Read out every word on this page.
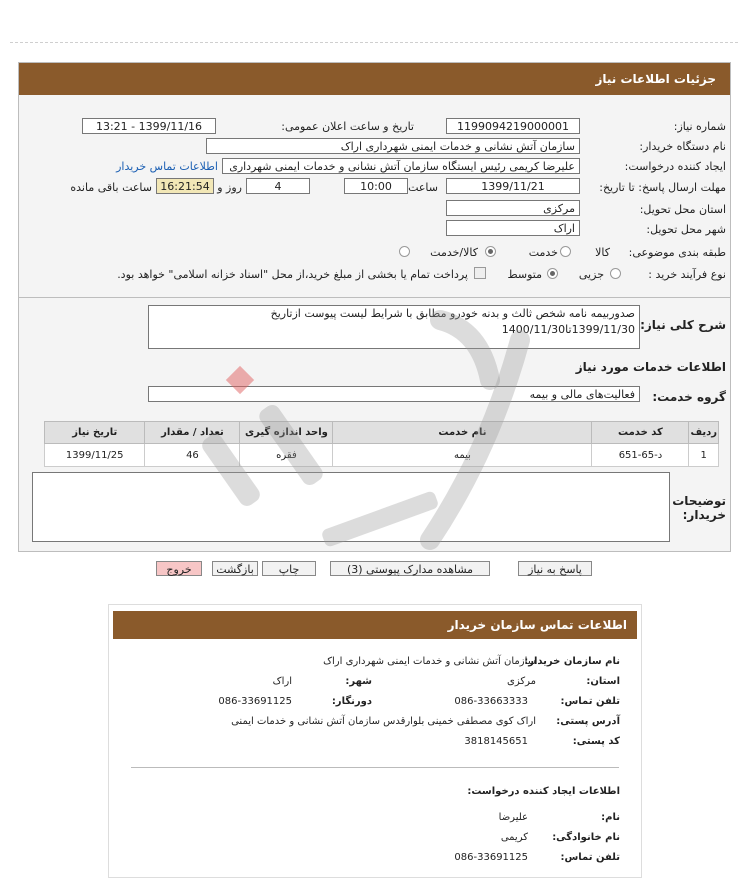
جزئیات اطلاعات نیاز
شماره نیاز:
1199094219000001
تاریخ و ساعت اعلان عمومی:
1399/11/16 - 13:21
نام دستگاه خریدار:
سازمان آتش نشانی و خدمات ایمنی شهرداری اراک
ایجاد کننده درخواست:
علیرضا کریمی رئیس ایستگاه سازمان آتش نشانی و خدمات ایمنی شهرداری
اطلاعات تماس خریدار
مهلت ارسال پاسخ: تا تاریخ:
1399/11/21
ساعت
10:00
4
روز و
16:21:54
ساعت باقی مانده
استان محل تحویل:
مرکزی
شهر محل تحویل:
اراک
طبقه بندی موضوعی:
کالا
خدمت
کالا/خدمت
نوع فرآیند خرید :
جزیی
متوسط
پرداخت تمام یا بخشی از مبلغ خرید،از محل "اسناد خزانه اسلامی" خواهد بود.
شرح کلی نیاز:
صدوربیمه نامه شخص ثالث و بدنه خودرو مطابق با شرایط لیست پیوست ازتاریخ 1399/11/30تا1400/11/30
اطلاعات خدمات مورد نیاز
گروه خدمت:
فعالیت‌های مالی و بیمه
ردیف	کد خدمت	نام خدمت	واحد اندازه گیری	تعداد / مقدار	تاریخ نیاز
1	د-65-651	بیمه	فقره	46	1399/11/25
توضیحات خریدار:
پاسخ به نیاز
مشاهده مدارک پیوستی (3)
چاپ
بازگشت
خروج
اطلاعات تماس سازمان خریدار
نام سازمان خریدار:
سازمان آتش نشانی و خدمات ایمنی شهرداری اراک
استان:
مرکزی
شهر:
اراک
تلفن تماس:
086-33663333
دورنگار:
086-33691125
آدرس پستی:
اراک کوی مصطفی خمینی بلوارقدس سازمان آتش نشانی و خدمات ایمنی
کد پستی:
3818145651
اطلاعات ایجاد کننده درخواست:
نام:
علیرضا
نام خانوادگی:
کریمی
تلفن تماس:
086-33691125
